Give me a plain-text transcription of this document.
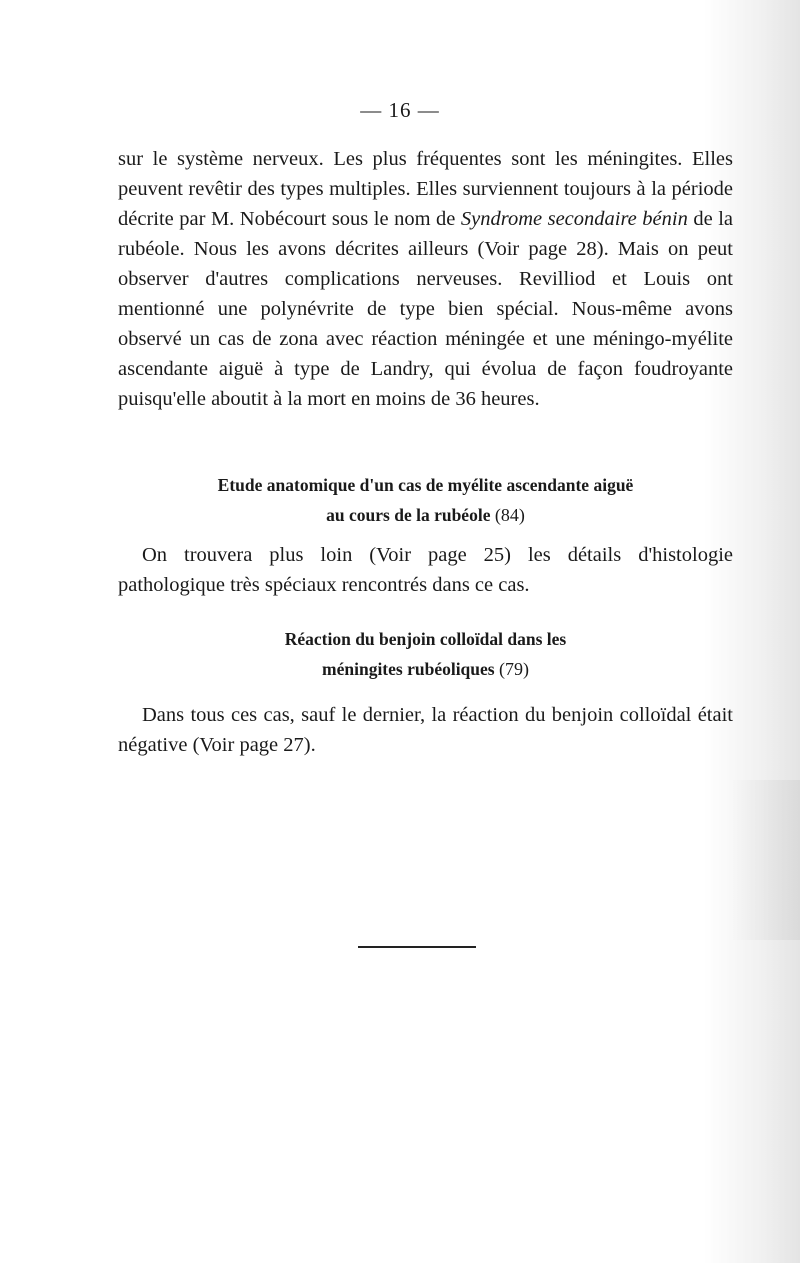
— 16 —

sur le système nerveux. Les plus fréquentes sont les méningites. Elles peuvent revêtir des types multiples. Elles surviennent toujours à la période décrite par M. Nobécourt sous le nom de Syndrome secondaire bénin de la rubéole. Nous les avons décrites ailleurs (Voir page 28). Mais on peut observer d'autres complications nerveuses. Revilliod et Louis ont mentionné une polynévrite de type bien spécial. Nous-même avons observé un cas de zona avec réaction méningée et une méningo-myélite ascendante aiguë à type de Landry, qui évolua de façon foudroyante puisqu'elle aboutit à la mort en moins de 36 heures.

Etude anatomique d'un cas de myélite ascendante aiguë
au cours de la rubéole (84)

On trouvera plus loin (Voir page 25) les détails d'histologie pathologique très spéciaux rencontrés dans ce cas.

Réaction du benjoin colloïdal dans les
méningites rubéoliques (79)

Dans tous ces cas, sauf le dernier, la réaction du benjoin colloïdal était négative (Voir page 27).
